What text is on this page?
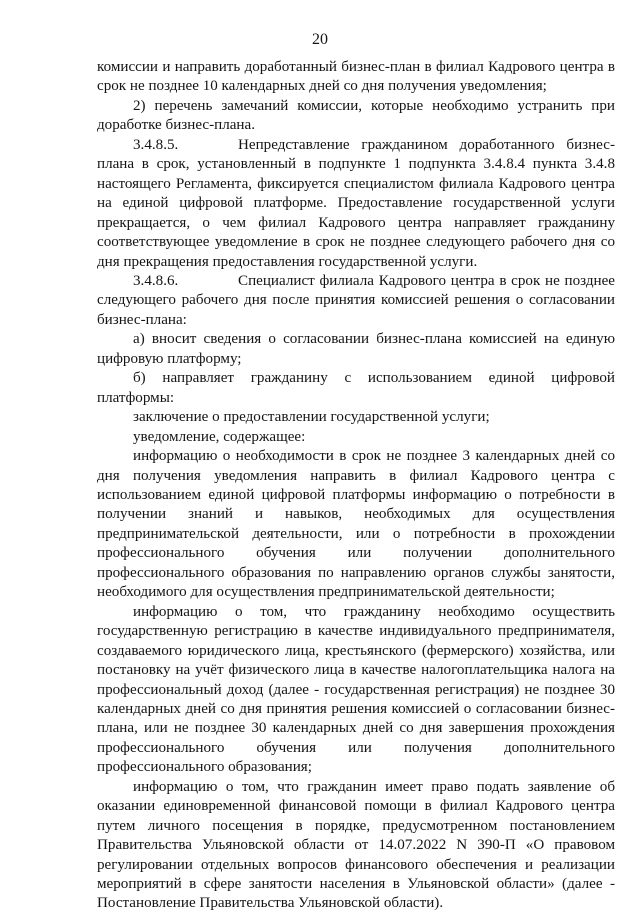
20

комиссии и направить доработанный бизнес-план в филиал Кадрового центра в срок не позднее 10 календарных дней со дня получения уведомления;

2) перечень замечаний комиссии, которые необходимо устранить при доработке бизнес-плана.

3.4.8.5.	Непредставление гражданином доработанного бизнес-плана в срок, установленный в подпункте 1 подпункта 3.4.8.4 пункта 3.4.8 настоящего Регламента, фиксируется специалистом филиала Кадрового центра на единой цифровой платформе. Предоставление государственной услуги прекращается, о чем филиал Кадрового центра направляет гражданину соответствующее уведомление в срок не позднее следующего рабочего дня со дня прекращения предоставления государственной услуги.

3.4.8.6.	Специалист филиала Кадрового центра в срок не позднее следующего рабочего дня после принятия комиссией решения о согласовании бизнес-плана:

а) вносит сведения о согласовании бизнес-плана комиссией на единую цифровую платформу;

б) направляет гражданину с использованием единой цифровой платформы:

заключение о предоставлении государственной услуги;

уведомление, содержащее:

информацию о необходимости в срок не позднее 3 календарных дней со дня получения уведомления направить в филиал Кадрового центра с использованием единой цифровой платформы информацию о потребности в получении знаний и навыков, необходимых для осуществления предпринимательской деятельности, или о потребности в прохождении профессионального обучения или получении дополнительного профессионального образования по направлению органов службы занятости, необходимого для осуществления предпринимательской деятельности;

информацию о том, что гражданину необходимо осуществить государственную регистрацию в качестве индивидуального предпринимателя, создаваемого юридического лица, крестьянского (фермерского) хозяйства, или постановку на учёт физического лица в качестве налогоплательщика налога на профессиональный доход (далее - государственная регистрация) не позднее 30 календарных дней со дня принятия решения комиссией о согласовании бизнес-плана, или не позднее 30 календарных дней со дня завершения прохождения профессионального обучения или получения дополнительного профессионального образования;

информацию о том, что гражданин имеет право подать заявление об оказании единовременной финансовой помощи в филиал Кадрового центра путем личного посещения в порядке, предусмотренном постановлением Правительства Ульяновской области от 14.07.2022 N 390-П «О правовом регулировании отдельных вопросов финансового обеспечения и реализации мероприятий в сфере занятости населения в Ульяновской области» (далее - Постановление Правительства Ульяновской области).
